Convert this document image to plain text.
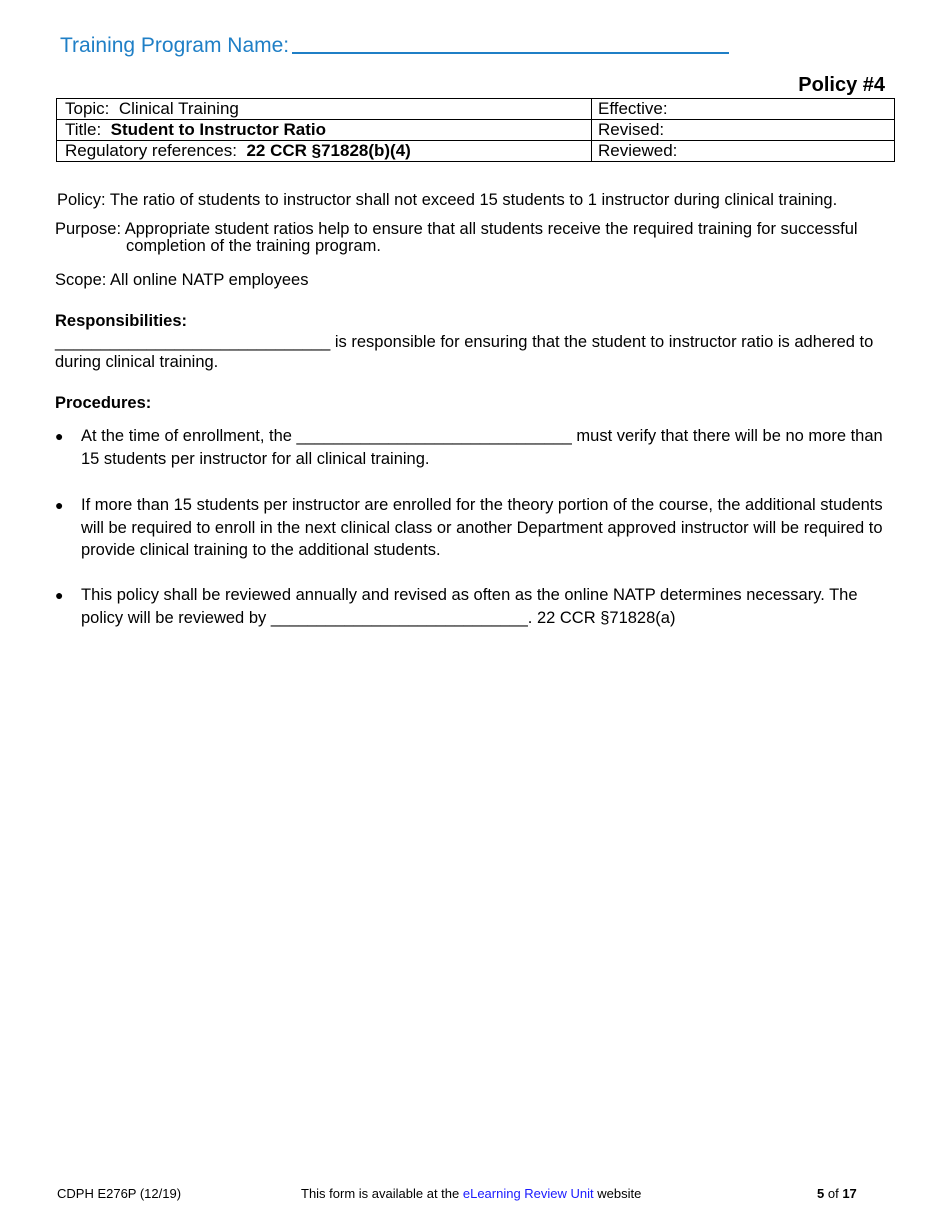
Training Program Name:
Policy #4
Topic: Clinical Training	Effective:
Title: Student to Instructor Ratio	Revised:
Regulatory references: 22 CCR §71828(b)(4)	Reviewed:
Policy: The ratio of students to instructor shall not exceed 15 students to 1 instructor during clinical training.
Purpose: Appropriate student ratios help to ensure that all students receive the required training for successful
completion of the training program.
Scope: All online NATP employees
Responsibilities:
______________________________ is responsible for ensuring that the student to instructor ratio is adhered to
during clinical training.
Procedures:
● At the time of enrollment, the ______________________________ must verify that there will be no more than 15 students per instructor for all clinical training.
● If more than 15 students per instructor are enrolled for the theory portion of the course, the additional students will be required to enroll in the next clinical class or another Department approved instructor will be required to provide clinical training to the additional students.
● This policy shall be reviewed annually and revised as often as the online NATP determines necessary. The policy will be reviewed by ____________________________. 22 CCR §71828(a)
CDPH E276P (12/19)	This form is available at the eLearning Review Unit website	5 of 17
